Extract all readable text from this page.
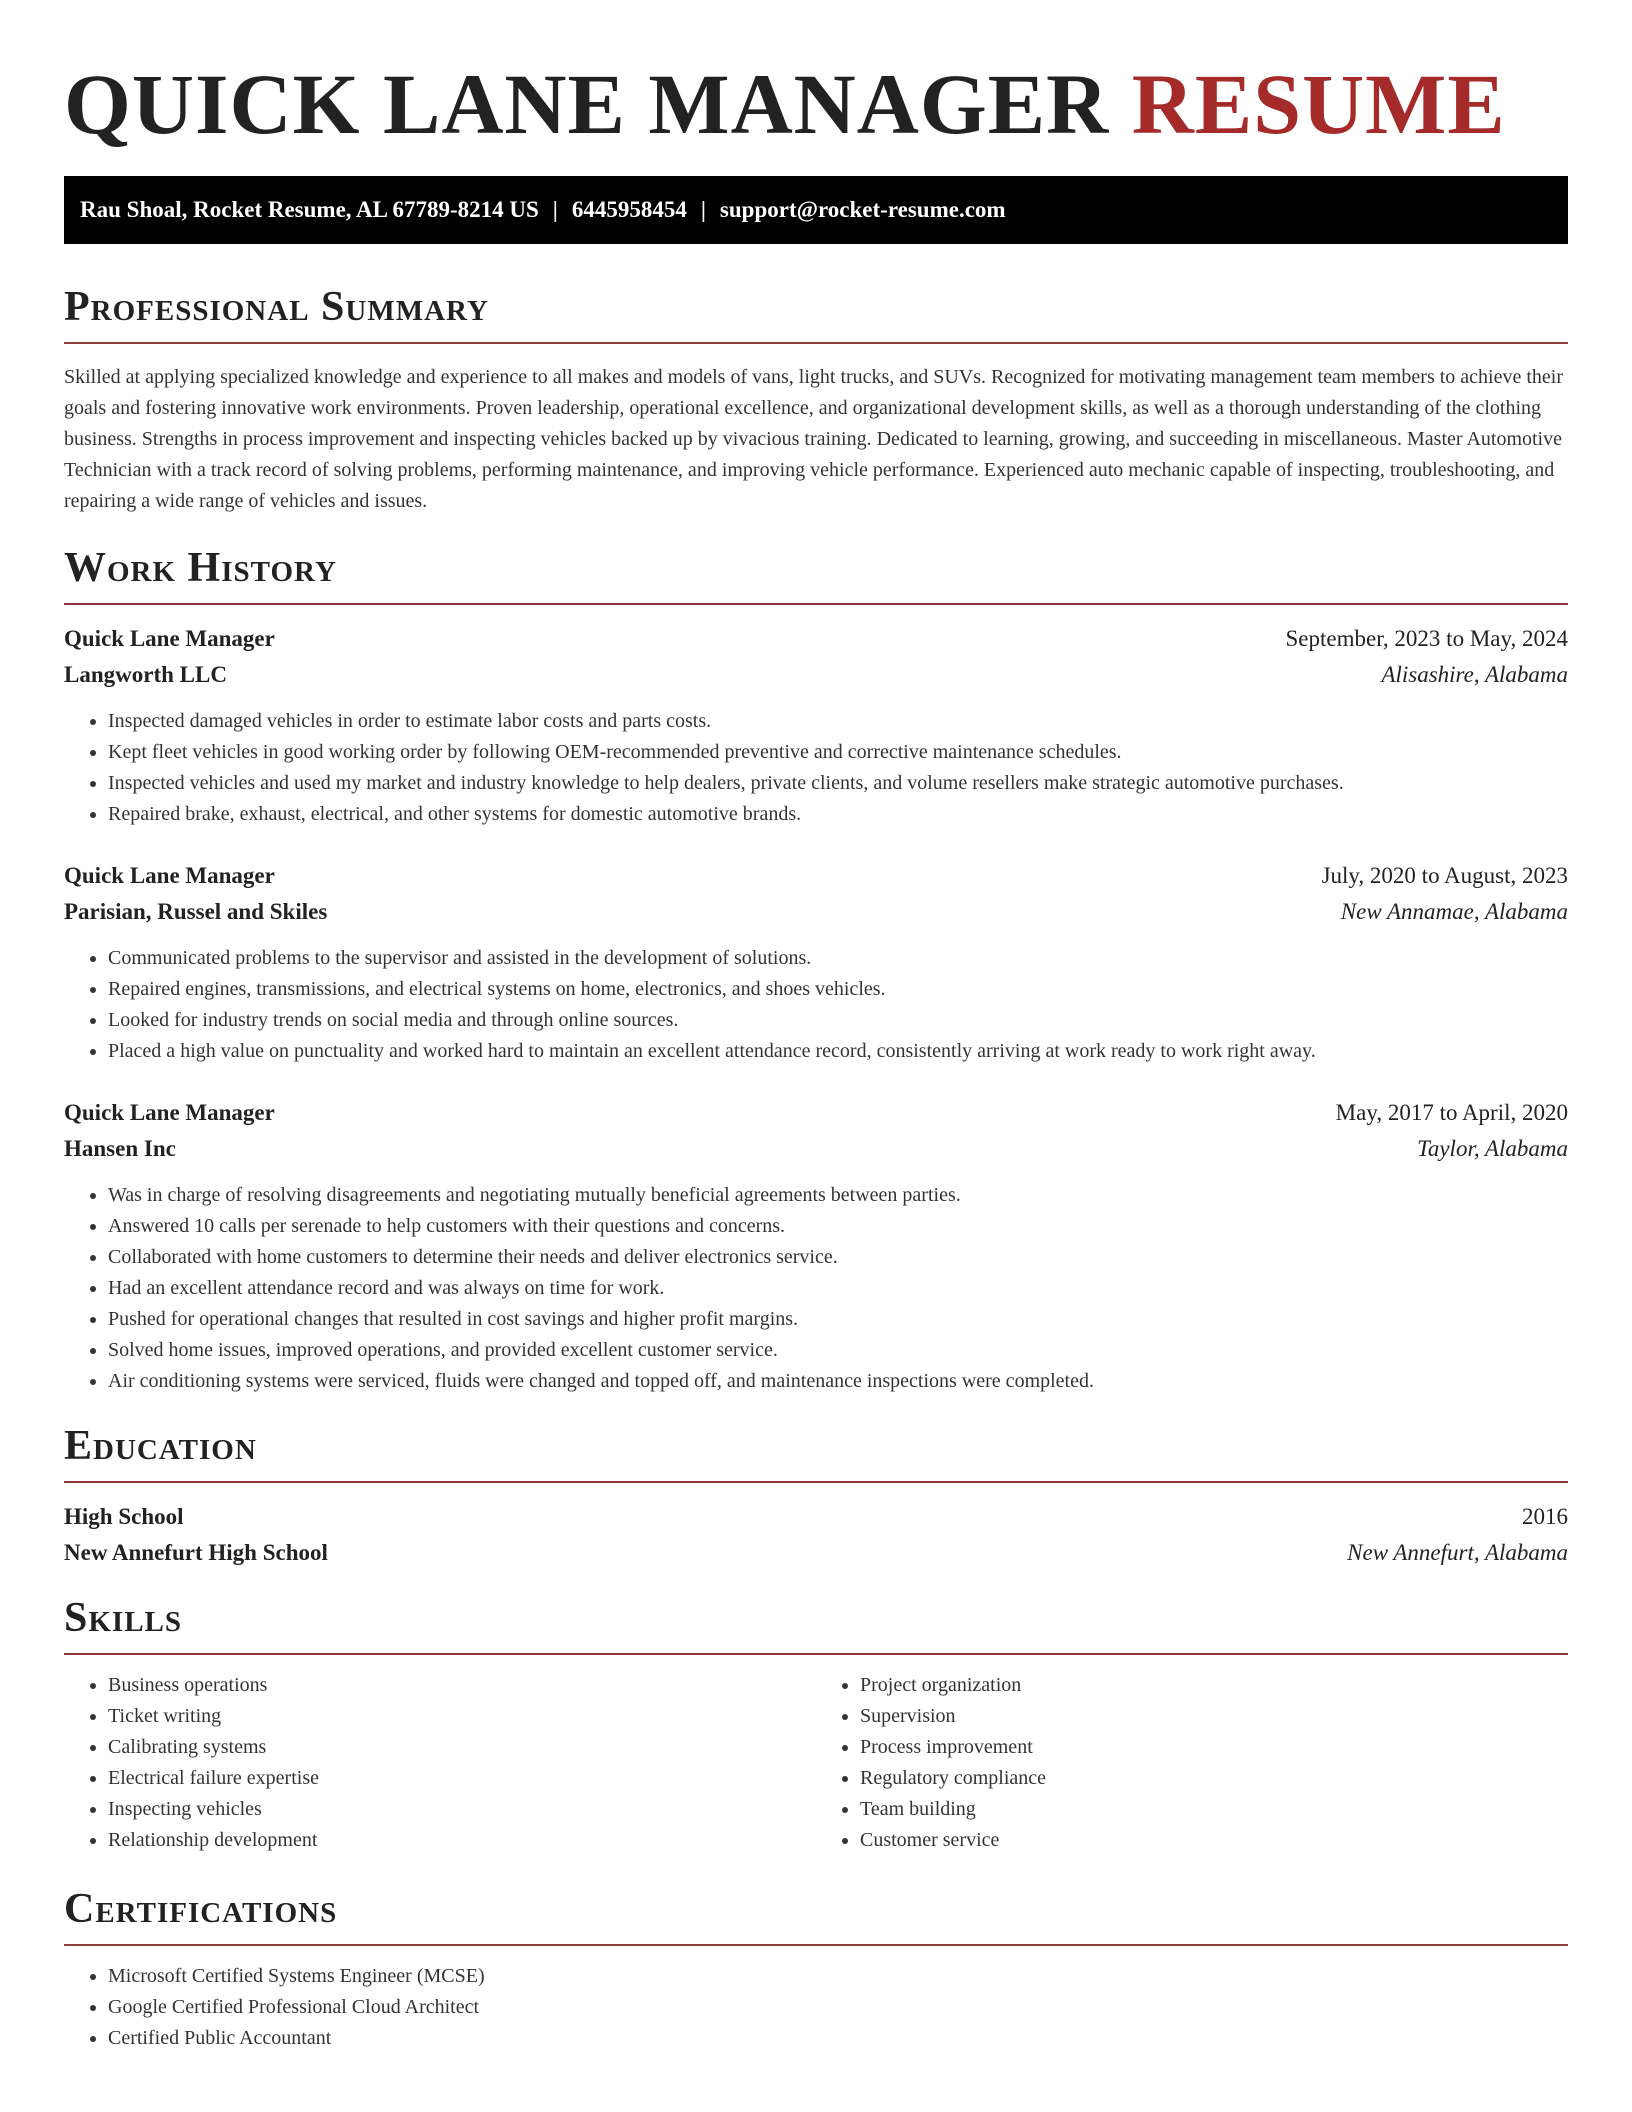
QUICK LANE MANAGER RESUME
Rau Shoal, Rocket Resume, AL 67789-8214 US | 6445958454 | support@rocket-resume.com
Professional Summary

Skilled at applying specialized knowledge and experience to all makes and models of vans, light trucks, and SUVs. Recognized for motivating management team members to achieve their goals and fostering innovative work environments. Proven leadership, operational excellence, and organizational development skills, as well as a thorough understanding of the clothing business. Strengths in process improvement and inspecting vehicles backed up by vivacious training. Dedicated to learning, growing, and succeeding in miscellaneous. Master Automotive Technician with a track record of solving problems, performing maintenance, and improving vehicle performance. Experienced auto mechanic capable of inspecting, troubleshooting, and repairing a wide range of vehicles and issues.

Work History
Quick Lane Manager	September, 2023 to May, 2024
Langworth LLC	Alisashire, Alabama
• Inspected damaged vehicles in order to estimate labor costs and parts costs.
• Kept fleet vehicles in good working order by following OEM-recommended preventive and corrective maintenance schedules.
• Inspected vehicles and used my market and industry knowledge to help dealers, private clients, and volume resellers make strategic automotive purchases.
• Repaired brake, exhaust, electrical, and other systems for domestic automotive brands.
Quick Lane Manager	July, 2020 to August, 2023
Parisian, Russel and Skiles	New Annamae, Alabama
• Communicated problems to the supervisor and assisted in the development of solutions.
• Repaired engines, transmissions, and electrical systems on home, electronics, and shoes vehicles.
• Looked for industry trends on social media and through online sources.
• Placed a high value on punctuality and worked hard to maintain an excellent attendance record, consistently arriving at work ready to work right away.
Quick Lane Manager	May, 2017 to April, 2020
Hansen Inc	Taylor, Alabama
• Was in charge of resolving disagreements and negotiating mutually beneficial agreements between parties.
• Answered 10 calls per serenade to help customers with their questions and concerns.
• Collaborated with home customers to determine their needs and deliver electronics service.
• Had an excellent attendance record and was always on time for work.
• Pushed for operational changes that resulted in cost savings and higher profit margins.
• Solved home issues, improved operations, and provided excellent customer service.
• Air conditioning systems were serviced, fluids were changed and topped off, and maintenance inspections were completed.
Education
High School	2016
New Annefurt High School	New Annefurt, Alabama
Skills
• Business operations
• Ticket writing
• Calibrating systems
• Electrical failure expertise
• Inspecting vehicles
• Relationship development
• Project organization
• Supervision
• Process improvement
• Regulatory compliance
• Team building
• Customer service
Certifications
• Microsoft Certified Systems Engineer (MCSE)
• Google Certified Professional Cloud Architect
• Certified Public Accountant
